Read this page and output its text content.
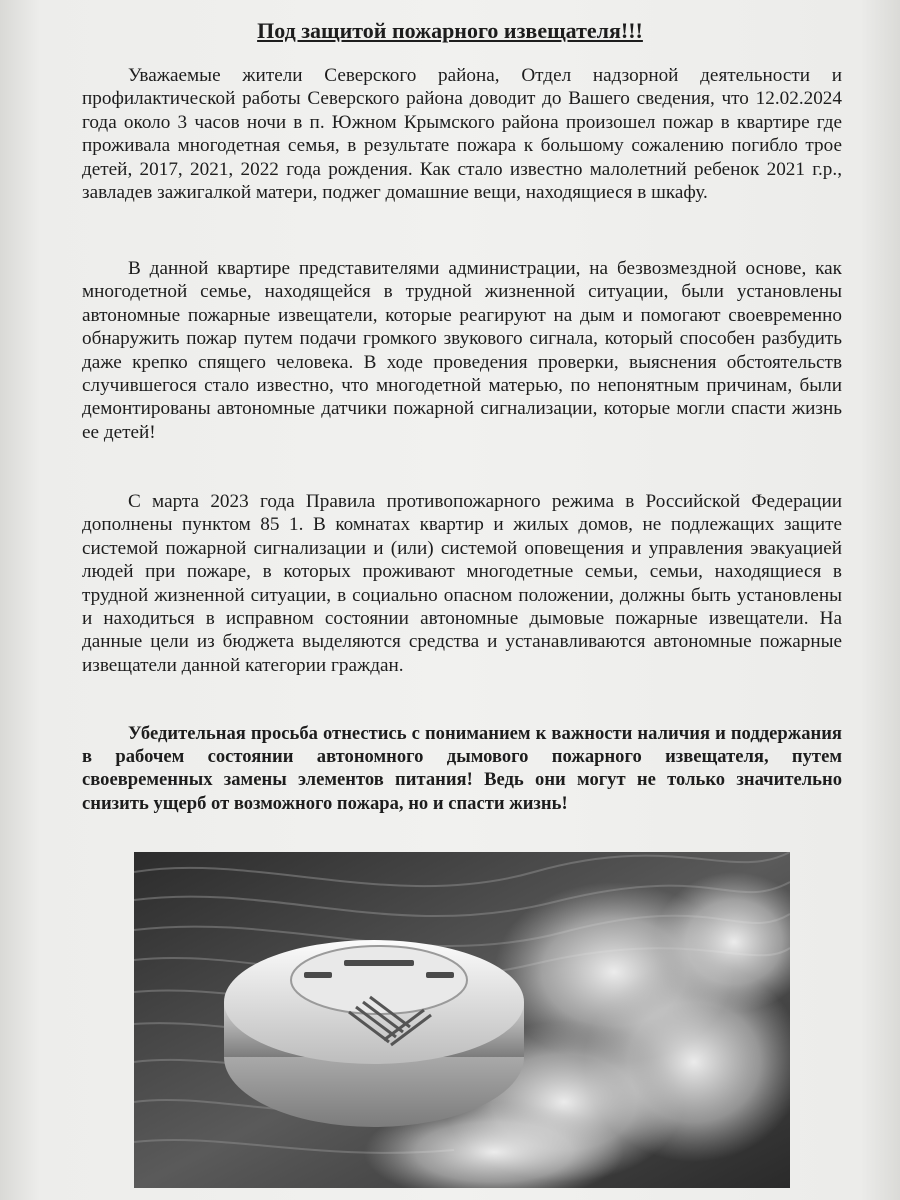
Под защитой пожарного извещателя!!!

Уважаемые жители Северского района, Отдел надзорной деятельности и профилактической работы Северского района доводит до Вашего сведения, что 12.02.2024 года около 3 часов ночи в п. Южном Крымского района произошел пожар в квартире где проживала многодетная семья, в результате пожара к большому сожалению погибло трое детей, 2017, 2021, 2022 года рождения. Как стало известно малолетний ребенок 2021 г.р., завладев зажигалкой матери, поджег домашние вещи, находящиеся в шкафу.

В данной квартире представителями администрации, на безвозмездной основе, как многодетной семье, находящейся в трудной жизненной ситуации, были установлены автономные пожарные извещатели, которые реагируют на дым и помогают своевременно обнаружить пожар путем подачи громкого звукового сигнала, который способен разбудить даже крепко спящего человека. В ходе проведения проверки, выяснения обстоятельств случившегося стало известно, что многодетной матерью, по непонятным причинам, были демонтированы автономные датчики пожарной сигнализации, которые могли спасти жизнь ее детей!

С марта 2023 года Правила противопожарного режима в Российской Федерации дополнены пунктом 85 1. В комнатах квартир и жилых домов, не подлежащих защите системой пожарной сигнализации и (или) системой оповещения и управления эвакуацией людей при пожаре, в которых проживают многодетные семьи, семьи, находящиеся в трудной жизненной ситуации, в социально опасном положении, должны быть установлены и находиться в исправном состоянии автономные дымовые пожарные извещатели. На данные цели из бюджета выделяются средства и устанавливаются автономные пожарные извещатели данной категории граждан.

Убедительная просьба отнестись с пониманием к важности наличия и поддержания в рабочем состоянии автономного дымового пожарного извещателя, путем своевременных замены элементов питания! Ведь они могут не только значительно снизить ущерб от возможного пожара, но и спасти жизнь!
